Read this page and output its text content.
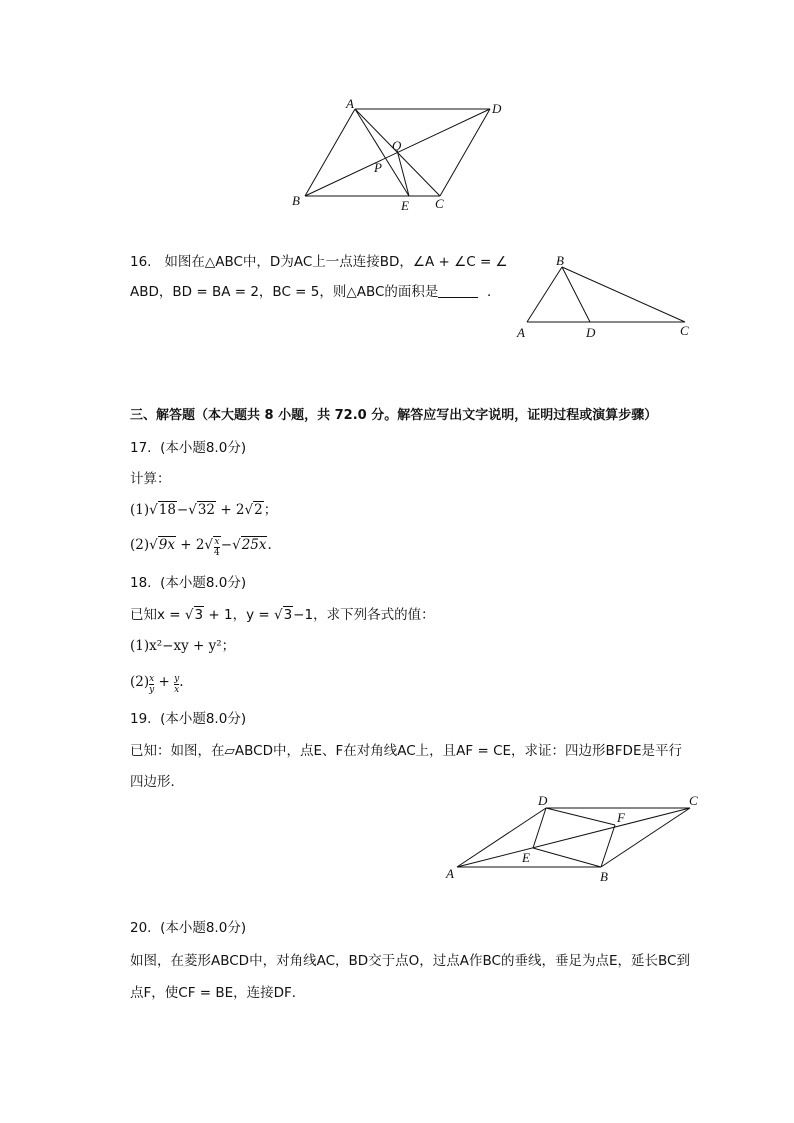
A	D
O
P
B	E C
16. 如图在△ABC中，D为AC上一点连接BD，∠A + ∠C = ∠
ABD，BD = BA = 2，BC = 5，则△ABC的面积是	．
B
A	D	C
三、解答题（本大题共 8 小题，共 72.0 分。解答应写出文字说明，证明过程或演算步骤）
17. (本小题8.0分)
计算：
(1)√18−√32 + 2√2；
$(2)√9x + 2√ \frac{x}{4} -√25x$.
18. (本小题8.0分)
已知x = √3 + 1，y = √3−1，求下列各式的值：
(1)x²−xy + y²；
$(2) \frac{x}{y} + \frac{y}{x}$ .
19. (本小题8.0分)
已知：如图，在▱ABCD中，点E、F在对角线AC上，且AF = CE，求证：四边形BFDE是平行
四边形．
D	C
F
E
A	B
20. (本小题8.0分)
如图，在菱形ABCD中，对角线AC，BD交于点O，过点A作BC的垂线，垂足为点E，延长BC到
点F，使CF = BE，连接DF．
